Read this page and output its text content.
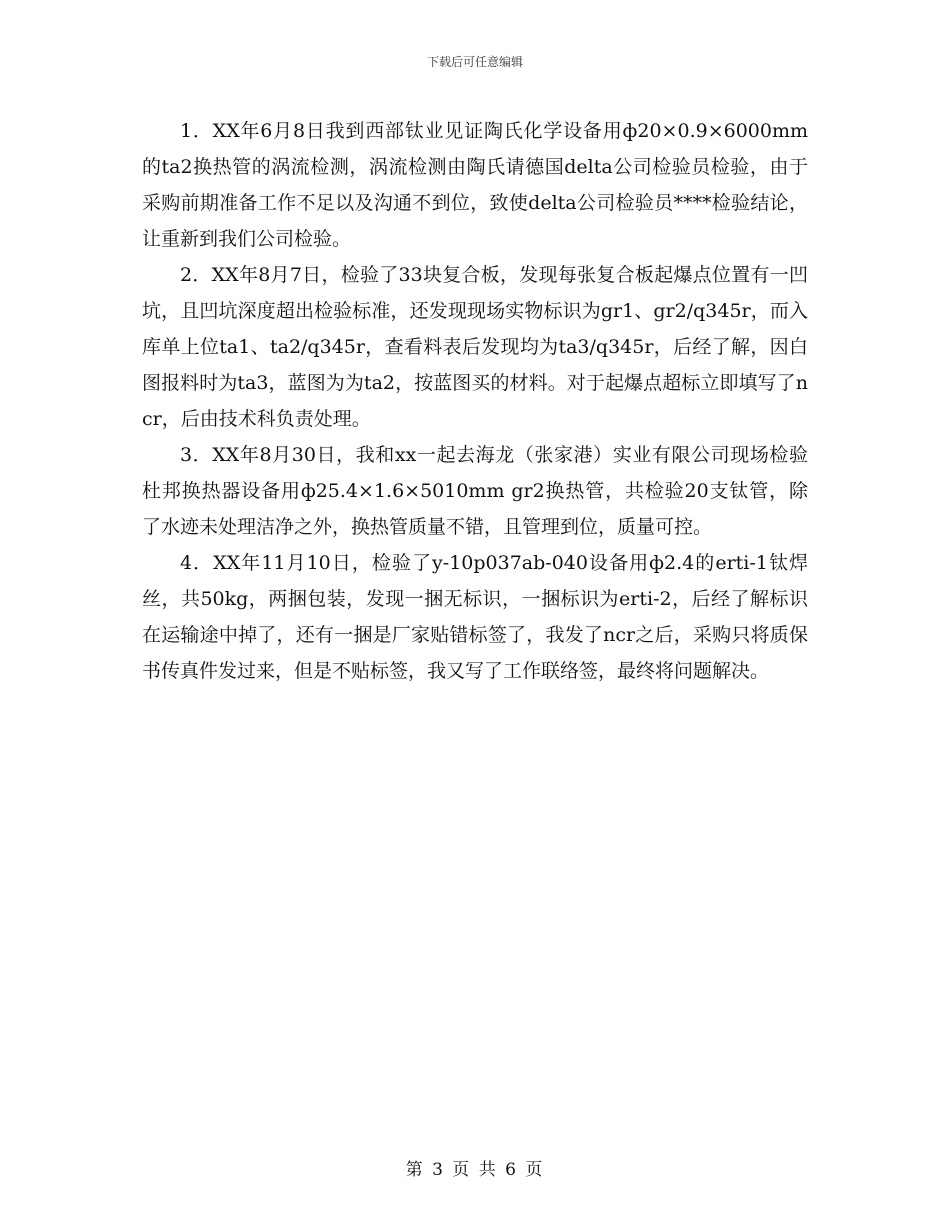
下载后可任意编辑

1．XX年6月8日我到西部钛业见证陶氏化学设备用ф20×0.9×6000mm的ta2换热管的涡流检测，涡流检测由陶氏请德国delta公司检验员检验，由于采购前期准备工作不足以及沟通不到位，致使delta公司检验员****检验结论，让重新到我们公司检验。

2．XX年8月7日，检验了33块复合板，发现每张复合板起爆点位置有一凹坑，且凹坑深度超出检验标准，还发现现场实物标识为gr1、gr2/q345r，而入库单上位ta1、ta2/q345r，查看料表后发现均为ta3/q345r，后经了解，因白图报料时为ta3，蓝图为为ta2，按蓝图买的材料。对于起爆点超标立即填写了ncr，后由技术科负责处理。

3．XX年8月30日，我和xx一起去海龙（张家港）实业有限公司现场检验杜邦换热器设备用ф25.4×1.6×5010mm gr2换热管，共检验20支钛管，除了水迹未处理洁净之外，换热管质量不错，且管理到位，质量可控。

4．XX年11月10日，检验了y-10p037ab-040设备用ф2.4的erti-1钛焊丝，共50kg，两捆包装，发现一捆无标识，一捆标识为erti-2，后经了解标识在运输途中掉了，还有一捆是厂家贴错标签了，我发了ncr之后，采购只将质保书传真件发过来，但是不贴标签，我又写了工作联络签，最终将问题解决。

第 3 页 共 6 页
